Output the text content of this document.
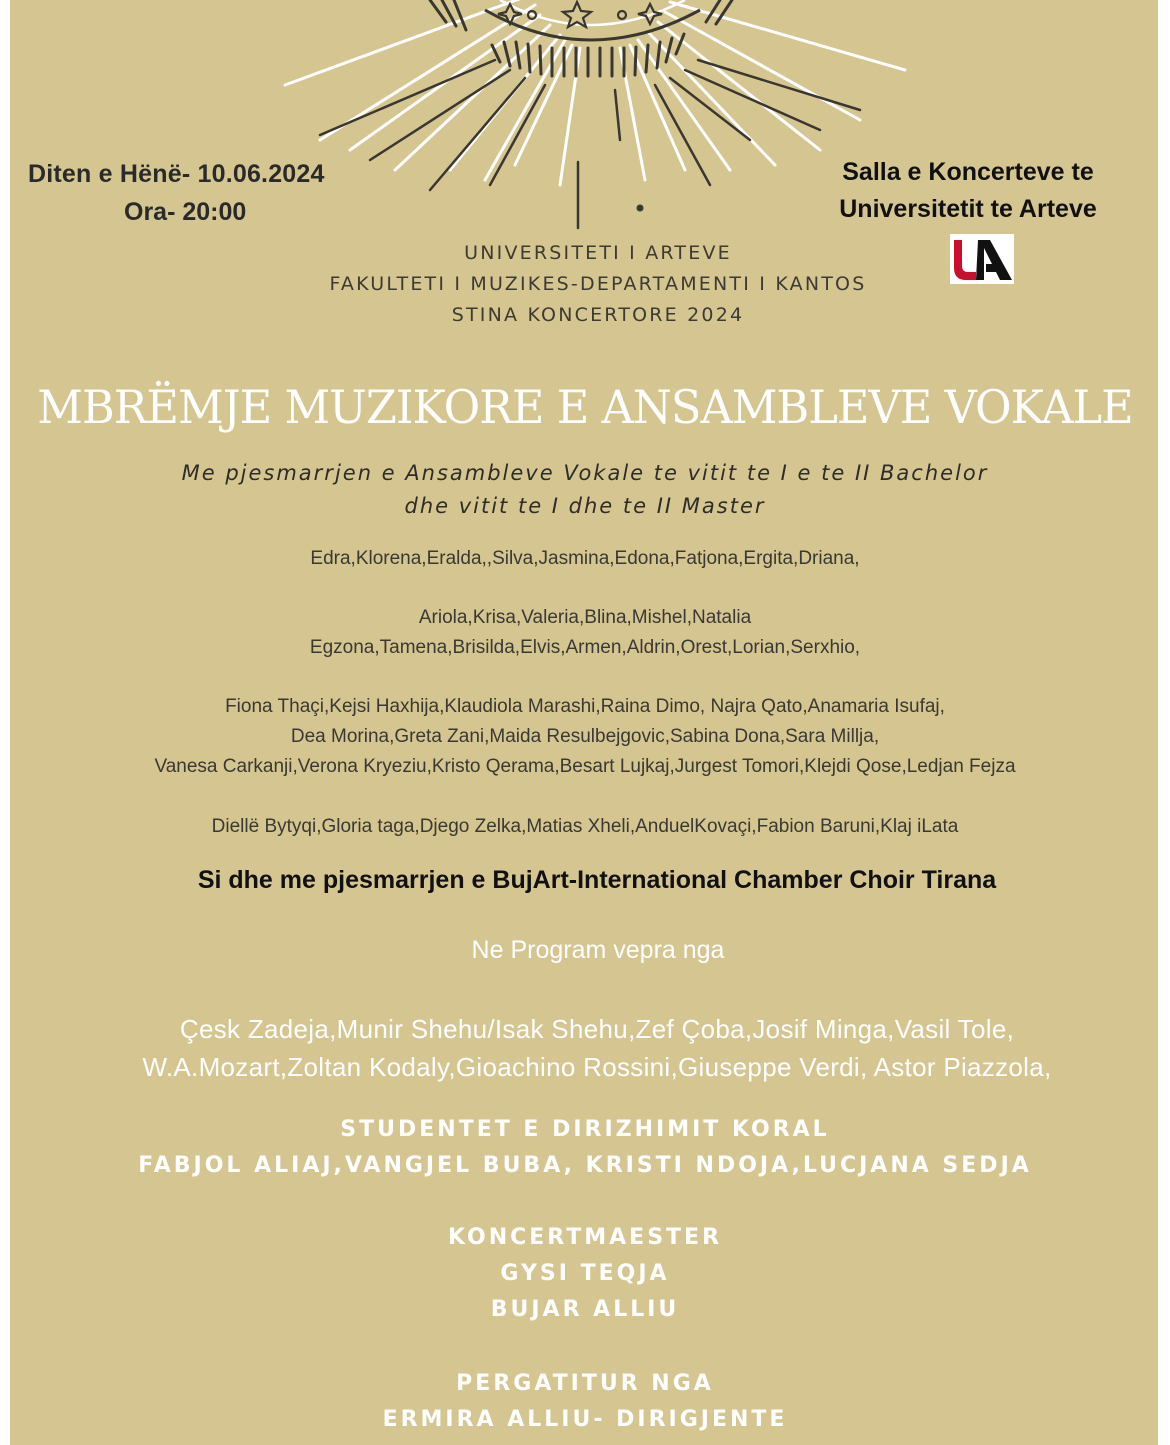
Diten e Hënë- 10.06.2024
Ora- 20:00
Salla e Koncerteve te
Universitetit te Arteve
UNIVERSITETI I ARTEVE
FAKULTETI I MUZIKES-DEPARTAMENTI I KANTOS
STINA KONCERTORE 2024
MBRËMJE MUZIKORE E ANSAMBLEVE VOKALE
Me pjesmarrjen e Ansambleve Vokale te vitit te I e te II Bachelor
dhe vitit te I dhe te II Master
Edra,Klorena,Eralda,,Silva,Jasmina,Edona,Fatjona,Ergita,Driana,
Ariola,Krisa,Valeria,Blina,Mishel,Natalia
Egzona,Tamena,Brisilda,Elvis,Armen,Aldrin,Orest,Lorian,Serxhio,
Fiona Thaçi,Kejsi Haxhija,Klaudiola Marashi,Raina Dimo, Najra Qato,Anamaria Isufaj,
Dea Morina,Greta Zani,Maida Resulbejgovic,Sabina Dona,Sara Millja,
Vanesa Carkanji,Verona Kryeziu,Kristo Qerama,Besart Lujkaj,Jurgest Tomori,Klejdi Qose,Ledjan Fejza
Diellë Bytyqi,Gloria taga,Djego Zelka,Matias Xheli,AnduelKovaçi,Fabion Baruni,Klaj iLata
Si dhe me pjesmarrjen e BujArt-International Chamber Choir Tirana
Ne Program vepra nga
Çesk Zadeja,Munir Shehu/Isak Shehu,Zef Çoba,Josif Minga,Vasil Tole,
W.A.Mozart,Zoltan Kodaly,Gioachino Rossini,Giuseppe Verdi, Astor Piazzola,
STUDENTET E DIRIZHIMIT KORAL
FABJOL ALIAJ,VANGJEL BUBA, KRISTI NDOJA,LUCJANA SEDJA
KONCERTMAESTER
GYSI TEQJA
BUJAR ALLIU
PERGATITUR NGA
ERMIRA ALLIU- DIRIGJENTE
